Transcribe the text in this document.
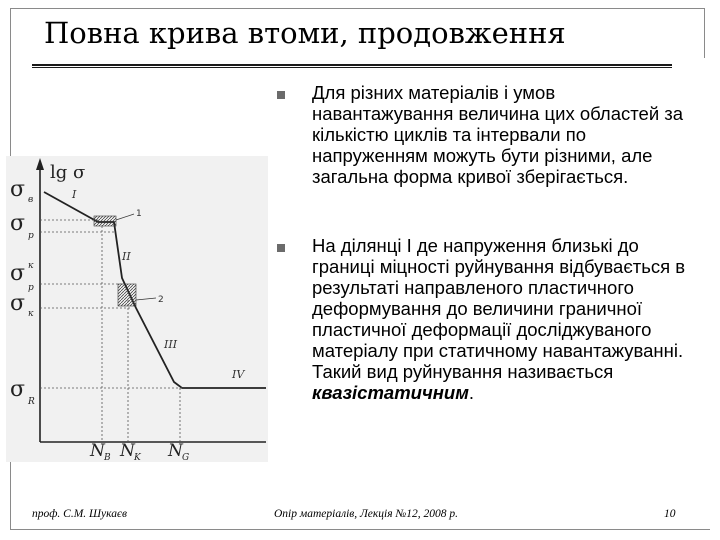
Повна крива втоми, продовження
lg σ
σ в
σ р
σ к
σ
р
к
σ R
I
II
III
IV
1
2
N B N K N G
Для різних матеріалів і умов навантажування величина цих областей за кількістю циклів та інтервали по напруженням можуть бути різними, але загальна форма кривої зберігається.
На ділянці І де напруження близькі до границі міцності руйнування відбувається в результаті направленого пластичного деформування до величини граничної пластичної деформації досліджуваного матеріалу при статичному навантажуванні. Такий вид руйнування називається квазістатичним.
проф. С.М. Шукаєв	Опір матеріалів, Лекція №12, 2008 р.	10
